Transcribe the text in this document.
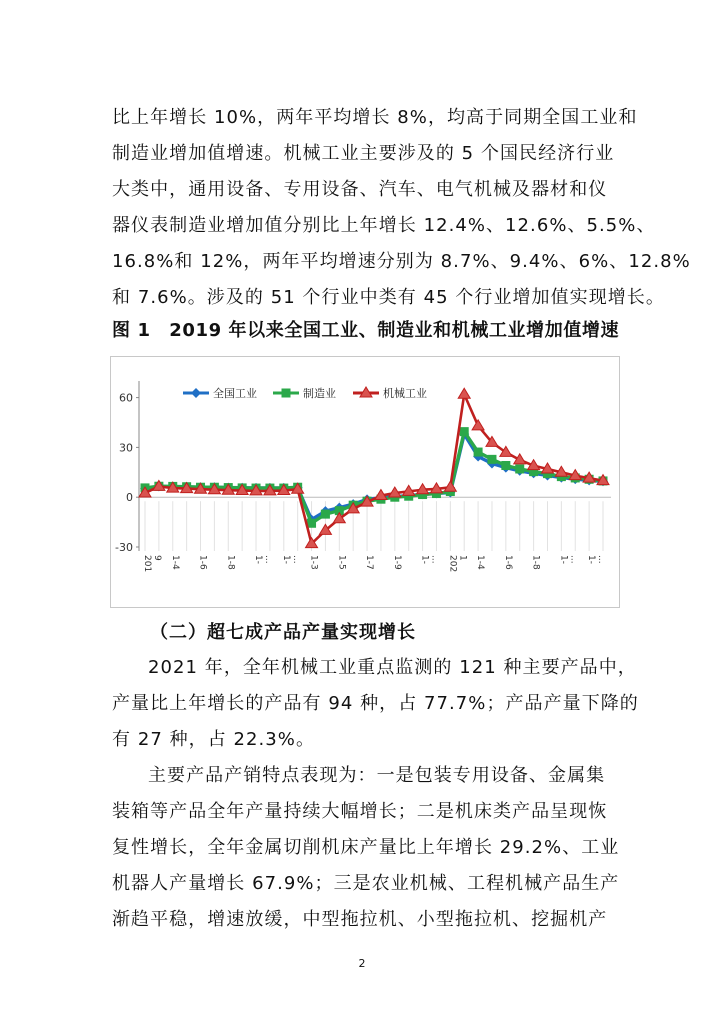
比上年增长 10%，两年平均增长 8%，均高于同期全国工业和
制造业增加值增速。机械工业主要涉及的 5 个国民经济行业
大类中，通用设备、专用设备、汽车、电气机械及器材和仪
器仪表制造业增加值分别比上年增长 12.4%、12.6%、5.5%、
16.8%和 12%，两年平均增速分别为 8.7%、9.4%、6%、12.8%
和 7.6%。涉及的 51 个行业中类有 45 个行业增加值实现增长。
图 1　2019 年以来全国工业、制造业和机械工业增加值增速
60
30
0
-30
201 9 1-4 1-6 1-8 1- ... 1- ... 1-3 1-5 1-7 1-9 1- ... 202 1 1-4 1-6 1-8 1- ... 1- ...
全国工业	制造业	机械工业
（二）超七成产品产量实现增长
2021 年，全年机械工业重点监测的 121 种主要产品中，
产量比上年增长的产品有 94 种，占 77.7%；产品产量下降的
有 27 种，占 22.3%。
主要产品产销特点表现为：一是包装专用设备、金属集
装箱等产品全年产量持续大幅增长；二是机床类产品呈现恢
复性增长，全年金属切削机床产量比上年增长 29.2%、工业
机器人产量增长 67.9%；三是农业机械、工程机械产品生产
渐趋平稳，增速放缓，中型拖拉机、小型拖拉机、挖掘机产
2
